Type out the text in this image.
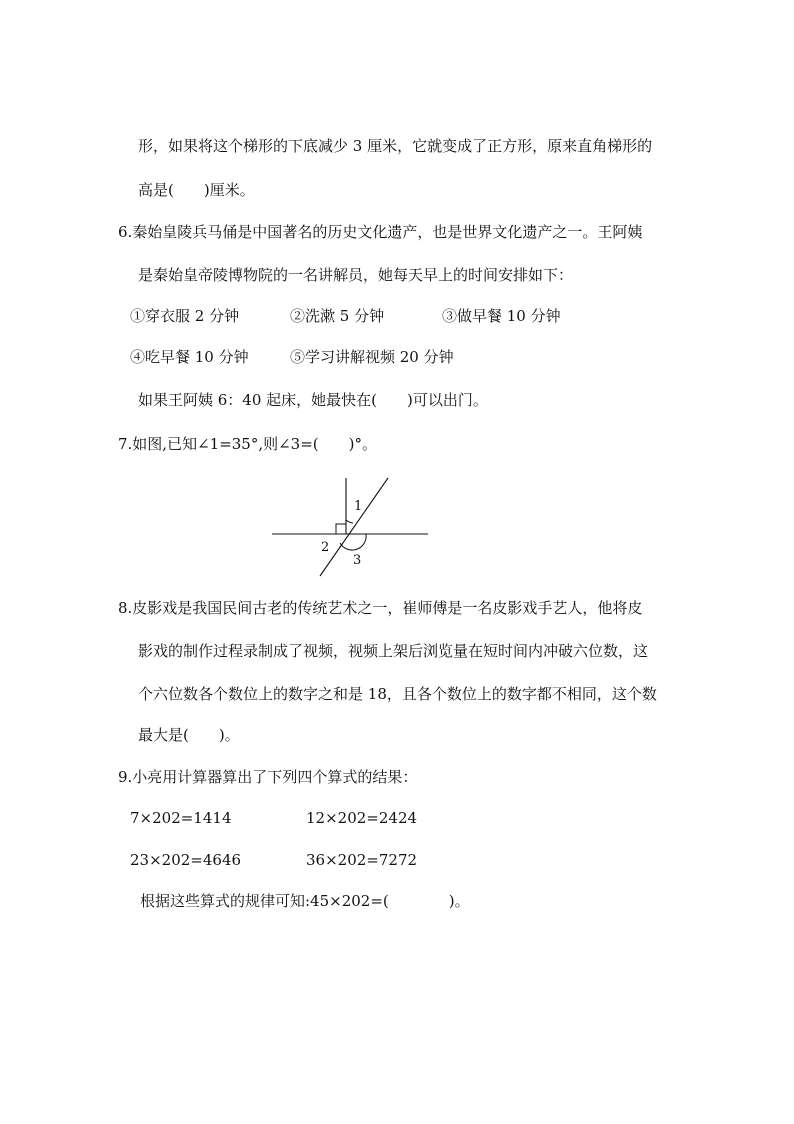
形，如果将这个梯形的下底减少 3 厘米，它就变成了正方形，原来直角梯形的
高是(　　)厘米。
6.秦始皇陵兵马俑是中国著名的历史文化遗产，也是世界文化遗产之一。王阿姨
是秦始皇帝陵博物院的一名讲解员，她每天早上的时间安排如下：
①穿衣服 2 分钟	②洗漱 5 分钟	③做早餐 10 分钟
④吃早餐 10 分钟	⑤学习讲解视频 20 分钟
如果王阿姨 6：40 起床，她最快在(　　)可以出门。
7.如图,已知∠1=35°,则∠3=(　　)°。
1
2
3
8.皮影戏是我国民间古老的传统艺术之一，崔师傅是一名皮影戏手艺人，他将皮
影戏的制作过程录制成了视频，视频上架后浏览量在短时间内冲破六位数，这
个六位数各个数位上的数字之和是 18，且各个数位上的数字都不相同，这个数
最大是(　　)。
9.小亮用计算器算出了下列四个算式的结果：
7×202=1414	12×202=2424
23×202=4646	36×202=7272
根据这些算式的规律可知:45×202=(　　　　)。
